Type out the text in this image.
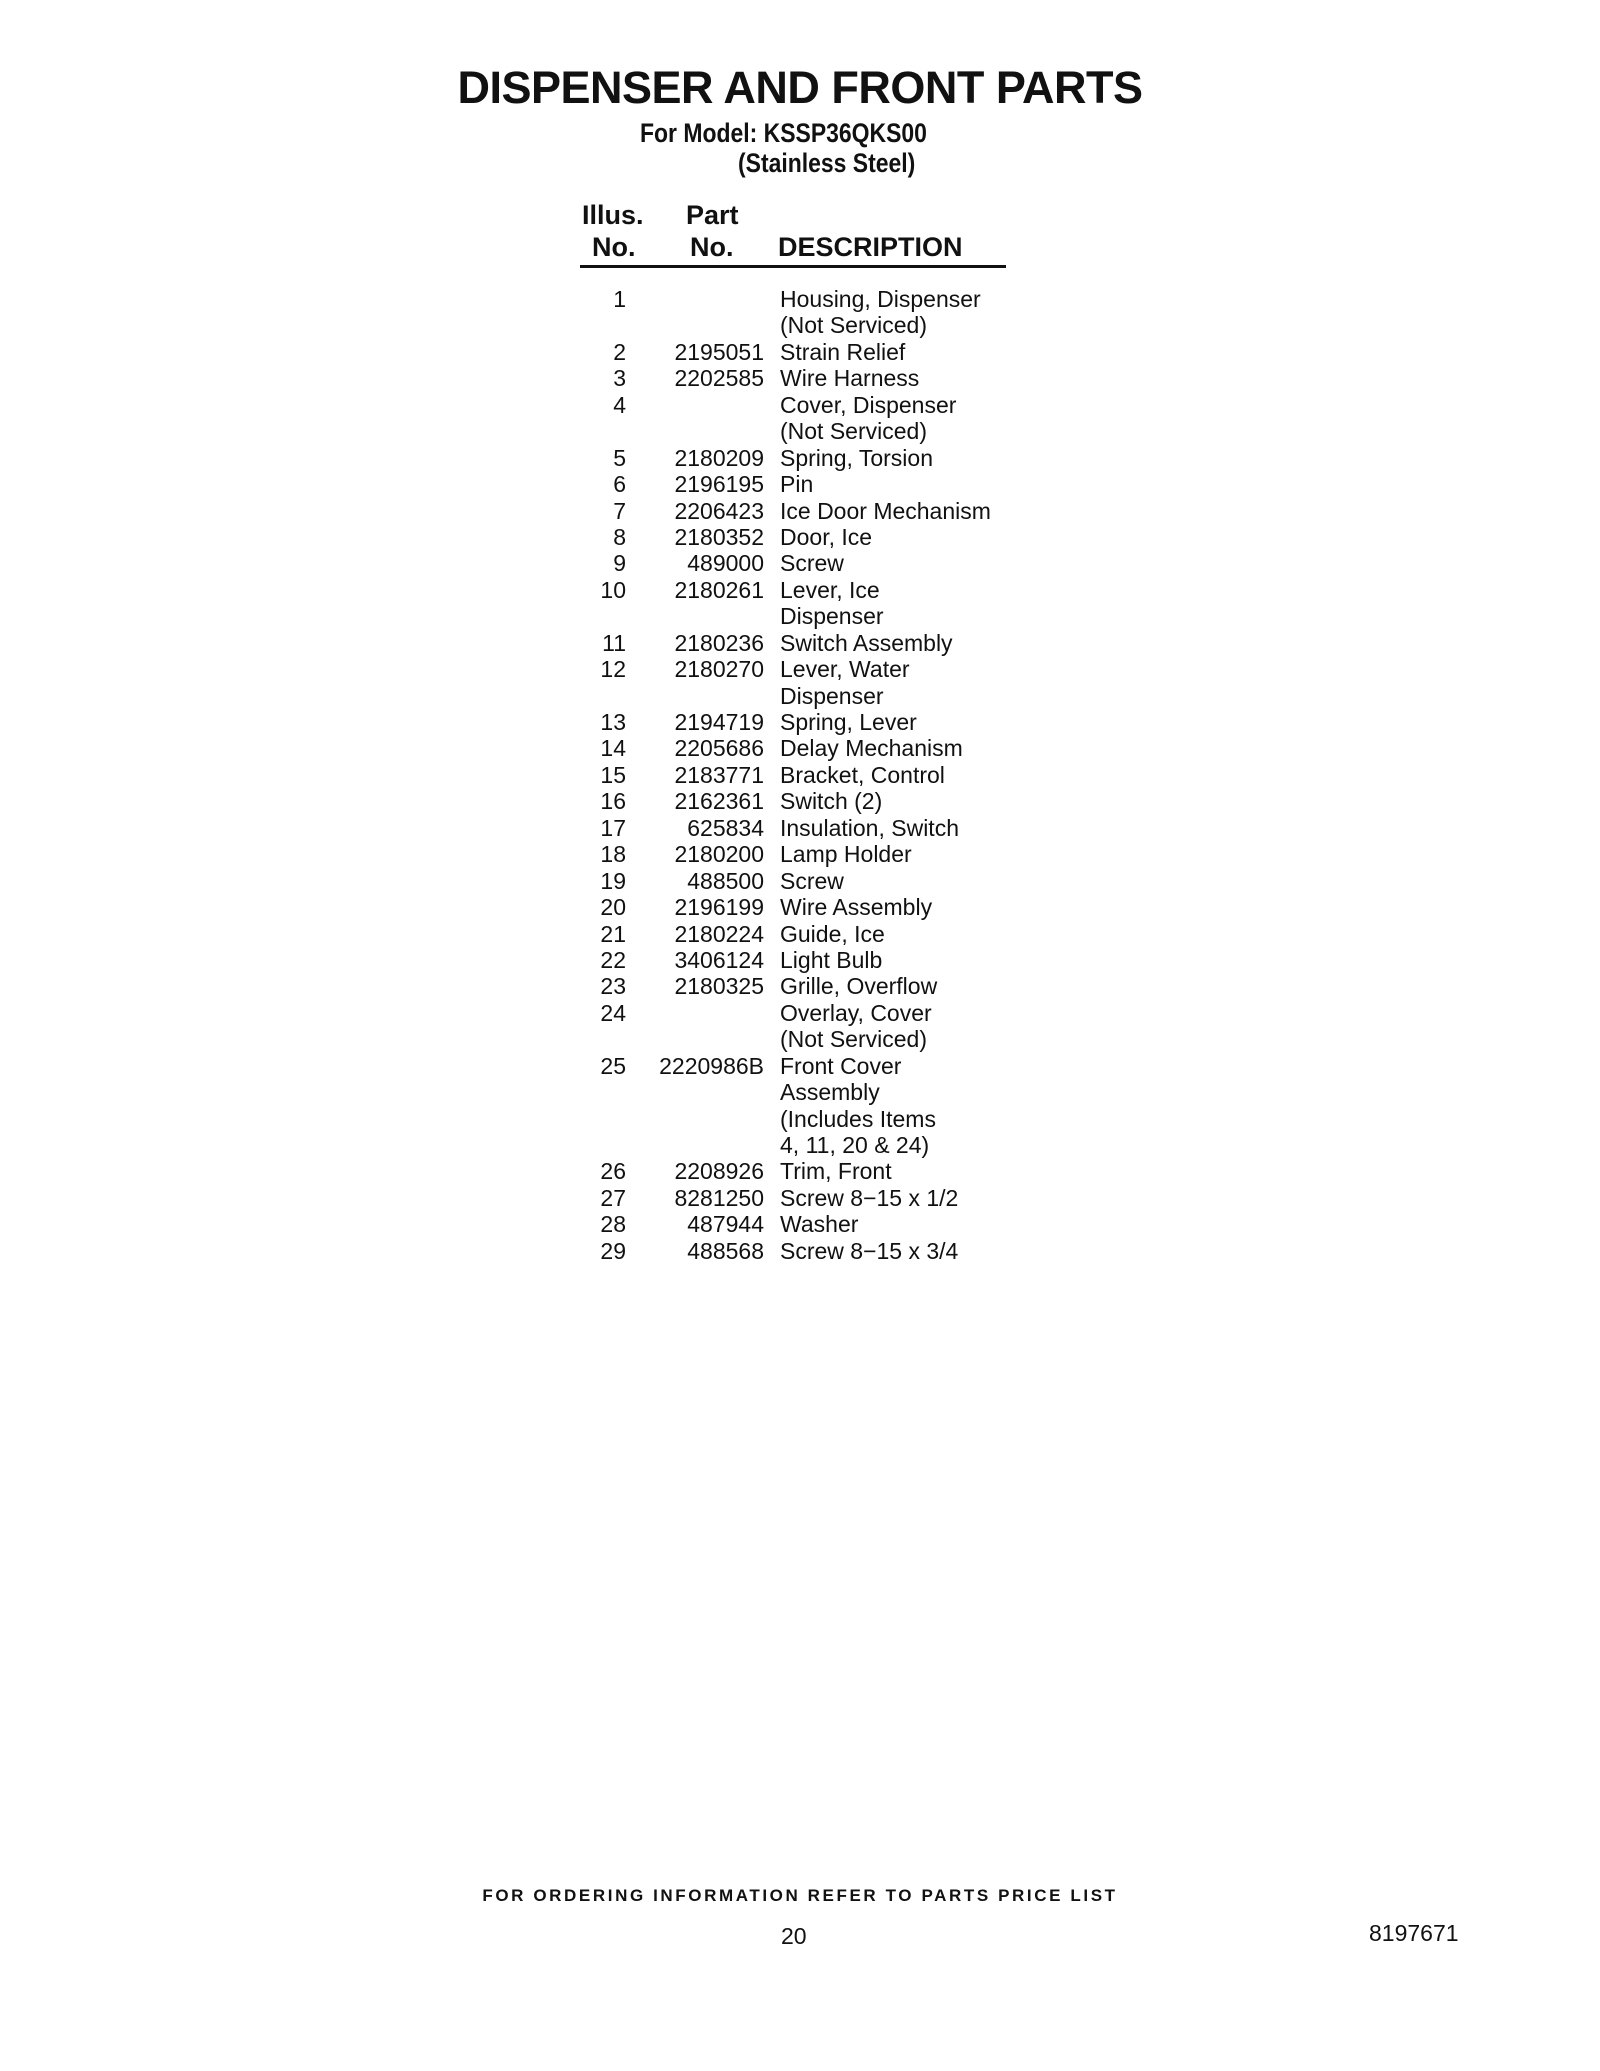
DISPENSER AND FRONT PARTS
For Model: KSSP36QKS00
(Stainless Steel)
Illus.
No.
Part
No. DESCRIPTION
1	Housing, Dispenser
(Not Serviced)
2 2195051 Strain Relief
3 2202585 Wire Harness
4	Cover, Dispenser
(Not Serviced)
5 2180209 Spring, Torsion
6 2196195 Pin
7 2206423 Ice Door Mechanism
8 2180352 Door, Ice
9	489000 Screw
10 2180261 Lever, Ice
Dispenser
11 2180236 Switch Assembly
12 2180270 Lever, Water
Dispenser
13 2194719 Spring, Lever
14 2205686 Delay Mechanism
15 2183771 Bracket, Control
16 2162361 Switch (2)
17	625834 Insulation, Switch
18 2180200 Lamp Holder
19	488500 Screw
20 2196199 Wire Assembly
21 2180224 Guide, Ice
22 3406124 Light Bulb
23 2180325 Grille, Overflow
24	Overlay, Cover
(Not Serviced)
25 2220986B Front Cover
Assembly
(Includes Items
4, 11, 20 & 24)
26 2208926 Trim, Front
27 8281250 Screw 8−15 x 1/2
28	487944 Washer
29	488568 Screw 8−15 x 3/4
FOR ORDERING INFORMATION REFER TO PARTS PRICE LIST
20	8197671
